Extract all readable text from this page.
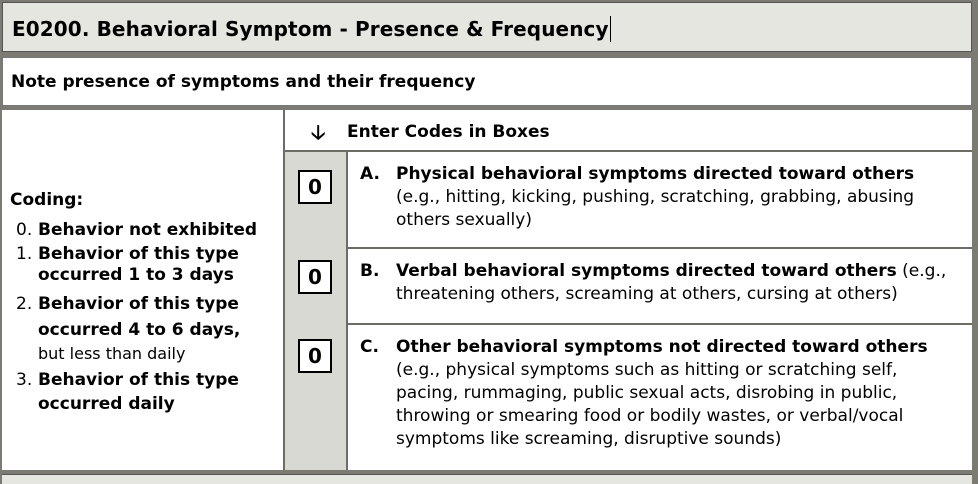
E0200. Behavioral Symptom - Presence & Frequency
Note presence of symptoms and their frequency
Coding:
0. Behavior not exhibited
1. Behavior of this type
occurred 1 to 3 days
2. Behavior of this type
occurred 4 to 6 days,
but less than daily
3. Behavior of this type
occurred daily
🡣 Enter Codes in Boxes
0
0
0
A. Physical behavioral symptoms directed toward others (e.g., hitting, kicking, pushing, scratching, grabbing, abusing others sexually)
B. Verbal behavioral symptoms directed toward others (e.g., threatening others, screaming at others, cursing at others)
C. Other behavioral symptoms not directed toward others (e.g., physical symptoms such as hitting or scratching self, pacing, rummaging, public sexual acts, disrobing in public, throwing or smearing food or bodily wastes, or verbal/vocal symptoms like screaming, disruptive sounds)
